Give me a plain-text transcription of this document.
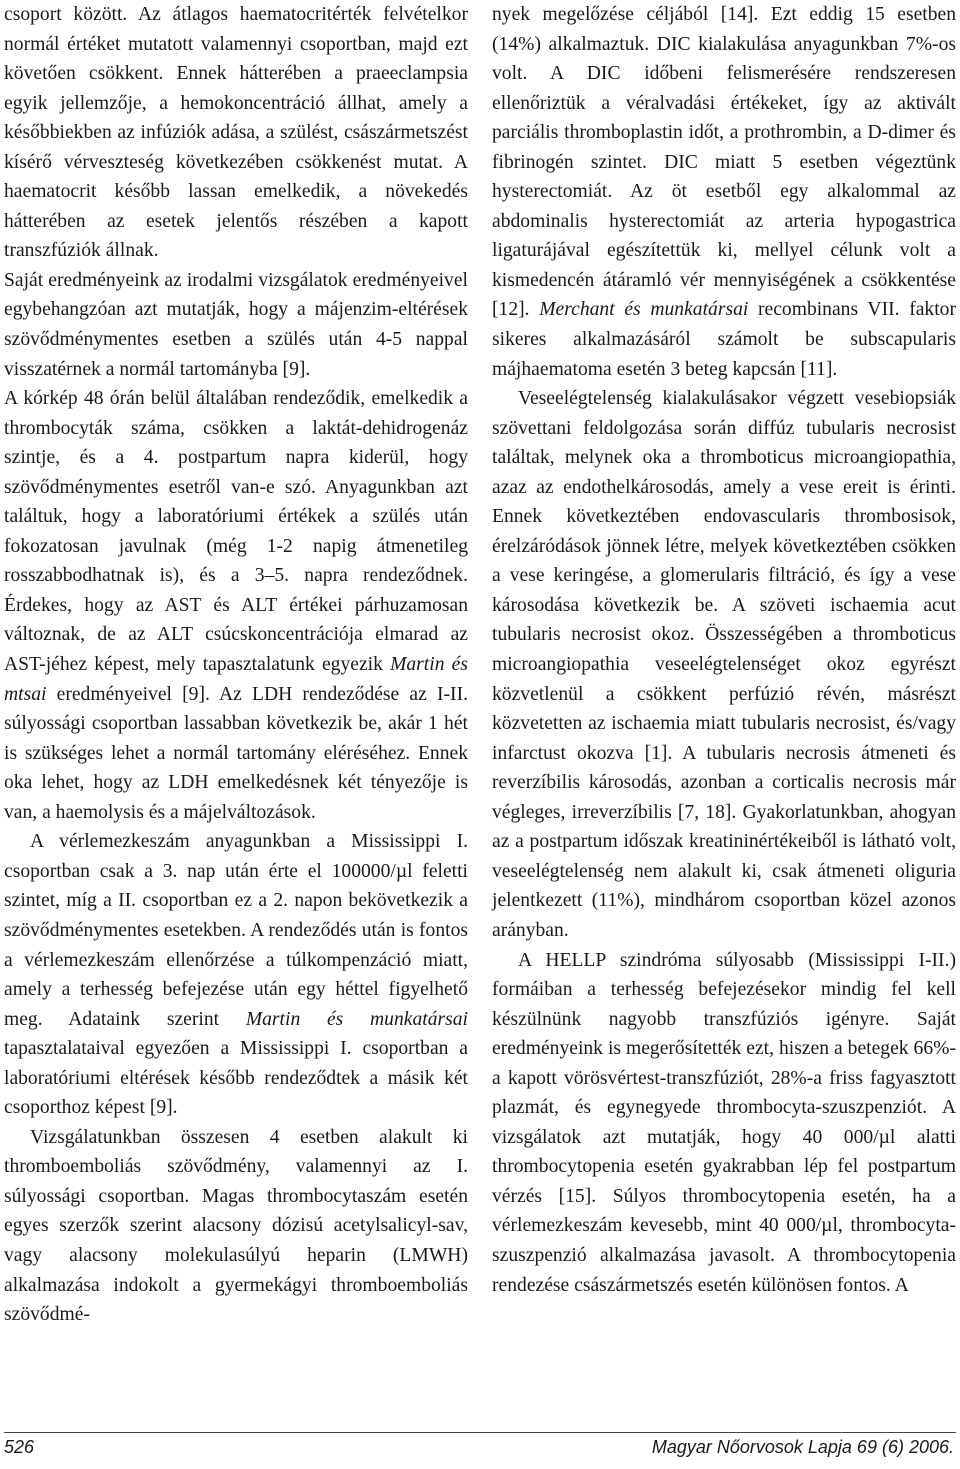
csoport között. Az átlagos haematocritérték felvételkor normál értéket mutatott valamennyi csoportban, majd ezt követően csökkent. Ennek hátterében a praeeclampsia egyik jellemzője, a hemokoncentráció állhat, amely a későbbiekben az infúziók adása, a szülést, császármetszést kísérő vérveszteség következében csökkenést mutat. A haematocrit később lassan emelkedik, a növekedés hátterében az esetek jelentős részében a kapott transzfúziók állnak.

Saját eredményeink az irodalmi vizsgálatok eredményeivel egybehangzóan azt mutatják, hogy a májenzim-eltérések szövődménymentes esetben a szülés után 4-5 nappal visszatérnek a normál tartományba [9].

A kórkép 48 órán belül általában rendeződik, emelkedik a thrombocyták száma, csökken a laktát-dehidrogenáz szintje, és a 4. postpartum napra kiderül, hogy szövődménymentes esetről van-e szó. Anyagunkban azt találtuk, hogy a laboratóriumi értékek a szülés után fokozatosan javulnak (még 1-2 napig átmenetileg rosszabbodhatnak is), és a 3–5. napra rendeződnek. Érdekes, hogy az AST és ALT értékei párhuzamosan változnak, de az ALT csúcskoncentrációja elmarad az AST-jéhez képest, mely tapasztalatunk egyezik Martin és mtsai eredményeivel [9]. Az LDH rendeződése az I-II. súlyossági csoportban lassabban következik be, akár 1 hét is szükséges lehet a normál tartomány eléréséhez. Ennek oka lehet, hogy az LDH emelkedésnek két tényezője is van, a haemolysis és a májelváltozások.

A vérlemezkeszám anyagunkban a Mississippi I. csoportban csak a 3. nap után érte el 100000/µl feletti szintet, míg a II. csoportban ez a 2. napon bekövetkezik a szövődménymentes esetekben. A rendeződés után is fontos a vérlemezkeszám ellenőrzése a túlkompenzáció miatt, amely a terhesség befejezése után egy héttel figyelhető meg. Adataink szerint Martin és munkatársai tapasztalataival egyezően a Mississippi I. csoportban a laboratóriumi eltérések később rendeződtek a másik két csoporthoz képest [9].

Vizsgálatunkban összesen 4 esetben alakult ki thromboemboliás szövődmény, valamennyi az I. súlyossági csoportban. Magas thrombocytaszám esetén egyes szerzők szerint alacsony dózisú acetylsalicyl-sav, vagy alacsony molekulasúlyú heparin (LMWH) alkalmazása indokolt a gyermekágyi thromboemboliás szövődmé-

nyek megelőzése céljából [14]. Ezt eddig 15 esetben (14%) alkalmaztuk. DIC kialakulása anyagunkban 7%-os volt. A DIC időbeni felismerésére rendszeresen ellenőriztük a véralvadási értékeket, így az aktivált parciális thromboplastin időt, a prothrombin, a D-dimer és fibrinogén szintet. DIC miatt 5 esetben végeztünk hysterectomiát. Az öt esetből egy alkalommal az abdominalis hysterectomiát az arteria hypogastrica ligaturájával egészítettük ki, mellyel célunk volt a kismedencén átáramló vér mennyiségének a csökkentése [12]. Merchant és munkatársai recombinans VII. faktor sikeres alkalmazásáról számolt be subscapularis májhaematoma esetén 3 beteg kapcsán [11].

Veseelégtelenség kialakulásakor végzett vesebiopsiák szövettani feldolgozása során diffúz tubularis necrosist találtak, melynek oka a thromboticus microangiopathia, azaz az endothelkárosodás, amely a vese ereit is érinti. Ennek következtében endovascularis thrombosisok, érelzáródások jönnek létre, melyek következtében csökken a vese keringése, a glomerularis filtráció, és így a vese károsodása következik be. A szöveti ischaemia acut tubularis necrosist okoz. Összességében a thromboticus microangiopathia veseelégtelenséget okoz egyrészt közvetlenül a csökkent perfúzió révén, másrészt közvetetten az ischaemia miatt tubularis necrosist, és/vagy infarctust okozva [1]. A tubularis necrosis átmeneti és reverzíbilis károsodás, azonban a corticalis necrosis már végleges, irreverzíbilis [7, 18]. Gyakorlatunkban, ahogyan az a postpartum időszak kreatininértékeiből is látható volt, veseelégtelenség nem alakult ki, csak átmeneti oliguria jelentkezett (11%), mindhárom csoportban közel azonos arányban.

A HELLP szindróma súlyosabb (Mississippi I-II.) formáiban a terhesség befejezésekor mindig fel kell készülnünk nagyobb transzfúziós igényre. Saját eredményeink is megerősítették ezt, hiszen a betegek 66%-a kapott vörösvértest-transzfúziót, 28%-a friss fagyasztott plazmát, és egynegyede thrombocyta-szuszpenziót. A vizsgálatok azt mutatják, hogy 40 000/µl alatti thrombocytopenia esetén gyakrabban lép fel postpartum vérzés [15]. Súlyos thrombocytopenia esetén, ha a vérlemezkeszám kevesebb, mint 40 000/µl, thrombocyta-szuszpenzió alkalmazása javasolt. A thrombocytopenia rendezése császármetszés esetén különösen fontos. A

526	Magyar Nőorvosok Lapja 69 (6) 2006.
